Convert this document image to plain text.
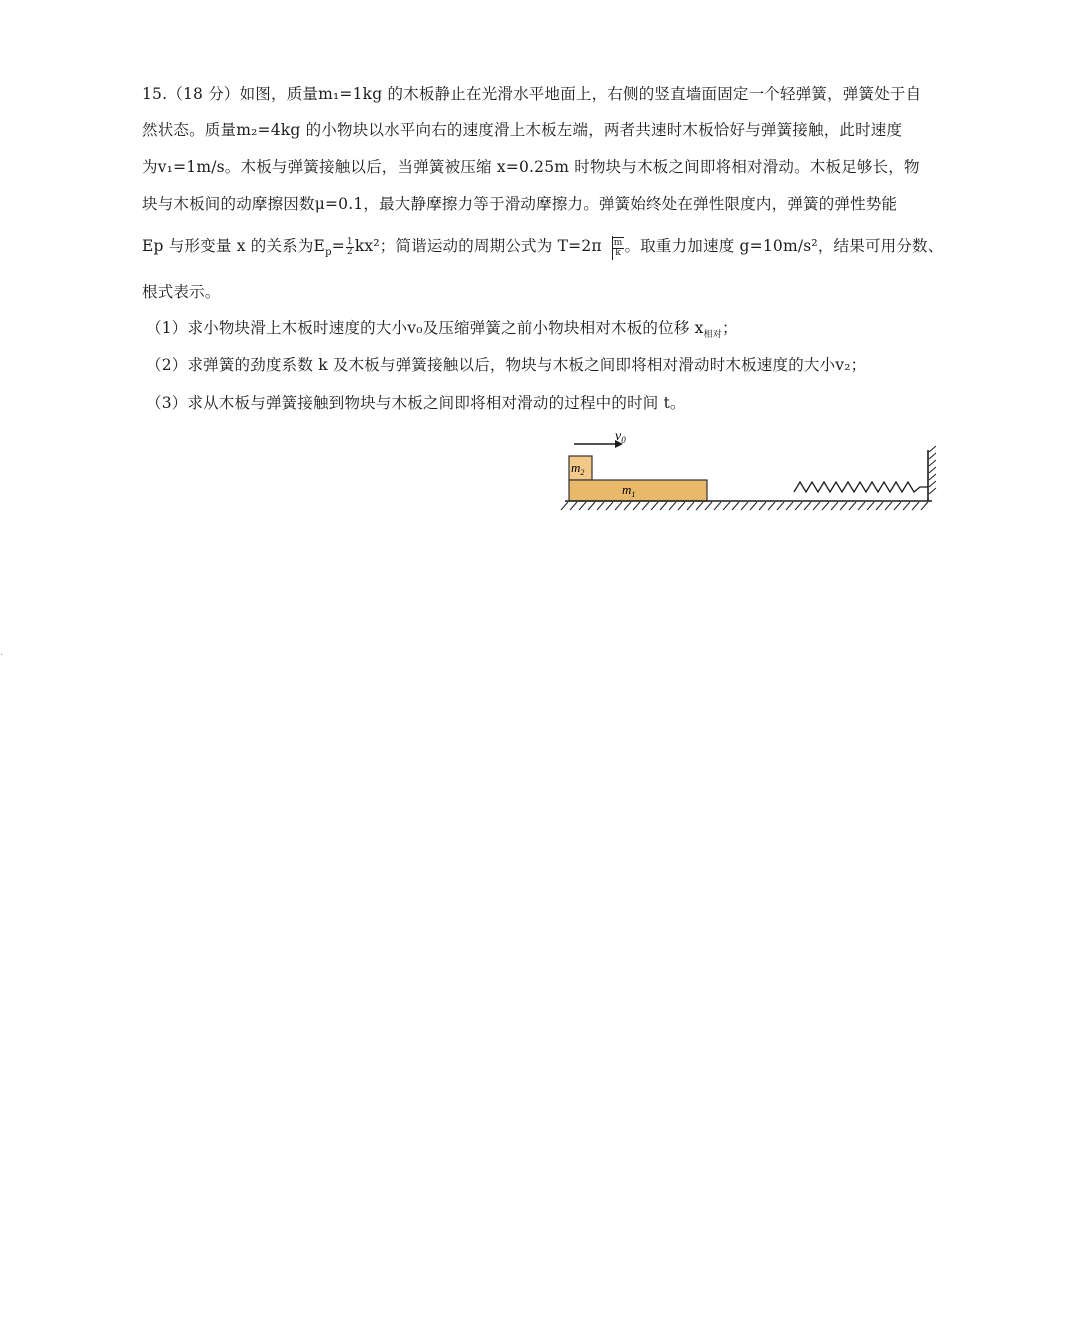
15.（18 分）如图，质量m₁=1kg 的木板静止在光滑水平地面上，右侧的竖直墙面固定一个轻弹簧，弹簧处于自
然状态。质量m₂=4kg 的小物块以水平向右的速度滑上木板左端，两者共速时木板恰好与弹簧接触，此时速度
为v₁=1m/s。木板与弹簧接触以后，当弹簧被压缩 x=0.25m 时物块与木板之间即将相对滑动。木板足够长，物
块与木板间的动摩擦因数μ=0.1，最大静摩擦力等于滑动摩擦力。弹簧始终处在弹性限度内，弹簧的弹性势能
Ep 与形变量 x 的关系为$E_p= \frac{1}{2} kx^2$；简谐运动的周期公式为 $T=2\pi \frac{m}{k}$ 。取重力加速度 g=10m/s²，结果可用分数、
根式表示。
（1）求小物块滑上木板时速度的大小v₀及压缩弹簧之前小物块相对木板的位移 $x_{相对}$；
（2）求弹簧的劲度系数 k 及木板与弹簧接触以后，物块与木板之间即将相对滑动时木板速度的大小v₂；
（3）求从木板与弹簧接触到物块与木板之间即将相对滑动的过程中的时间 t。
$v_0$
$m_2$
$m_1$
·
